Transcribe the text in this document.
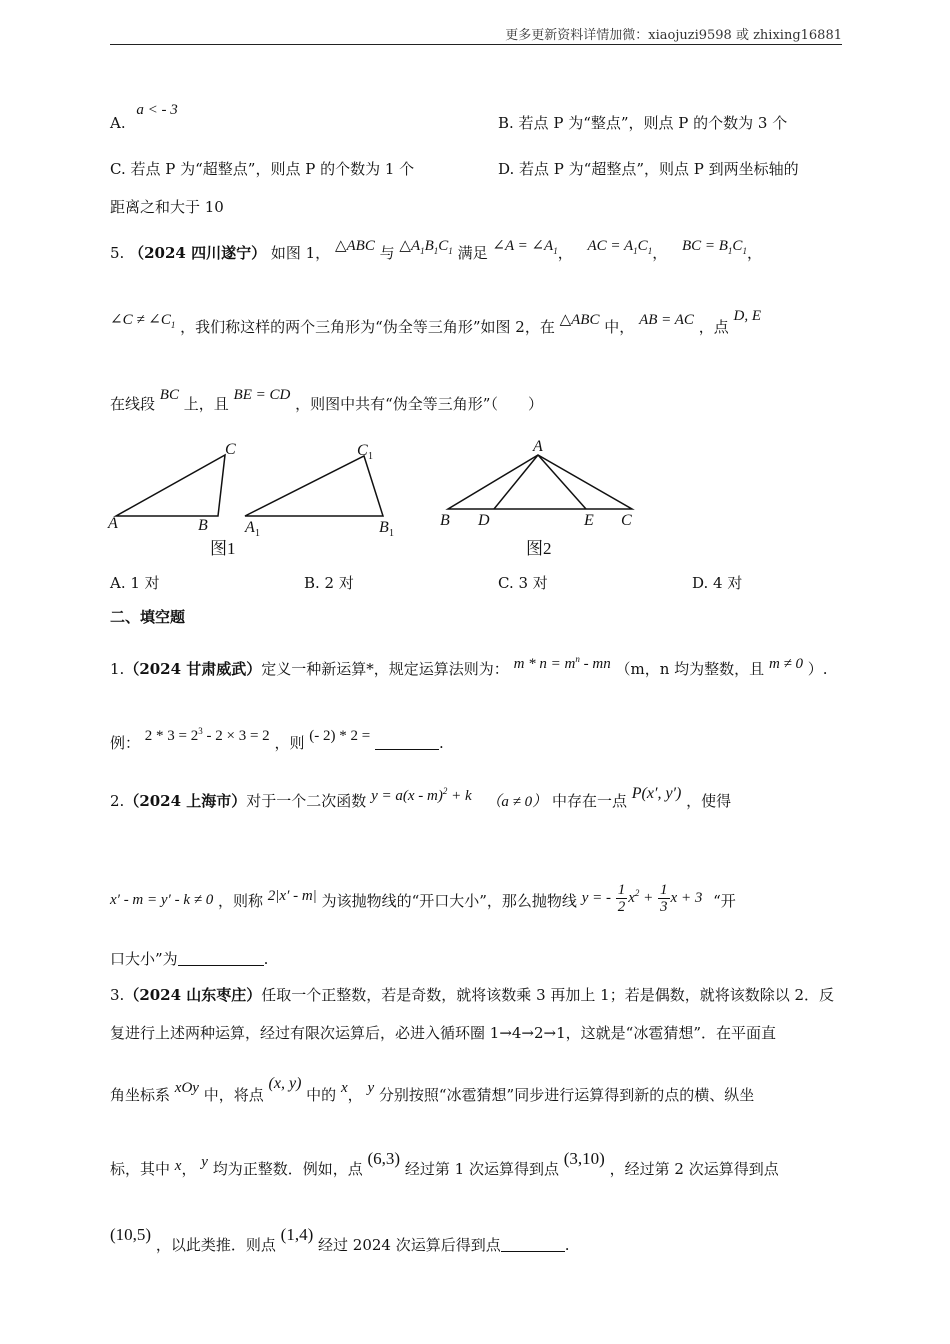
更多更新资料详情加微：xiaojuzi9598 或 zhixing16881
A. a < - 3
B. 若点 P 为“整点”，则点 P 的个数为 3 个
C. 若点 P 为“超整点”，则点 P 的个数为 1 个	D. 若点 P 为“超整点”，则点 P 到两坐标轴的
距离之和大于 10
5. （2024 四川遂宁） 如图 1， △ABC 与 $\triangle A_1B_1C_1$ 满足 ∠A = $\angle A_1$， AC = $A_1C_1$， BC = $B_1C_1$，
∠C ≠ $\angle C_1$ ，我们称这样的两个三角形为“伪全等三角形”如图 2，在 △ABC 中， AB = AC ，点 D, E
在线段 BC 上，且 BE = CD ，则图中共有“伪全等三角形”（　　）
A	B
C
图1
A 1	B 1
C 1
A
B D	E C
图2
A. 1 对	B. 2 对	C. 3 对	D. 4 对
二、填空题
1.（2024 甘肃威武）定义一种新运算*，规定运算法则为： $m * n = m^n$ - mn （m，n 均为整数，且 m ≠ 0 ）.
例： $2 * 3 = 2^3 - 2 \times 3 = 2$ ，则 (- 2) * 2 =	.
2.（2024 上海市）对于一个二次函数 y = a(x - m)$^2$ + k （a ≠ 0） 中存在一点 P(x′, y′) ，使得
x′ - m = y′ - k ≠ 0 ，则称 2|x′ - m| 为该抛物线的“开口大小”，那么抛物线 y = - $\frac{1}{2} x^2 + \frac{1}{3}$ x + 3 “开
口大小”为	.
3.（2024 山东枣庄）任取一个正整数，若是奇数，就将该数乘 3 再加上 1；若是偶数，就将该数除以 2．反
复进行上述两种运算，经过有限次运算后，必进入循环圈 1→4→2→1，这就是“冰雹猜想”．在平面直
角坐标系 xOy 中，将点 (x, y) 中的 x， y 分别按照“冰雹猜想”同步进行运算得到新的点的横、纵坐
标，其中 x， y 均为正整数．例如，点 (6,3) 经过第 1 次运算得到点 (3,10) ，经过第 2 次运算得到点
(10,5) ，以此类推．则点 (1,4) 经过 2024 次运算后得到点	.
